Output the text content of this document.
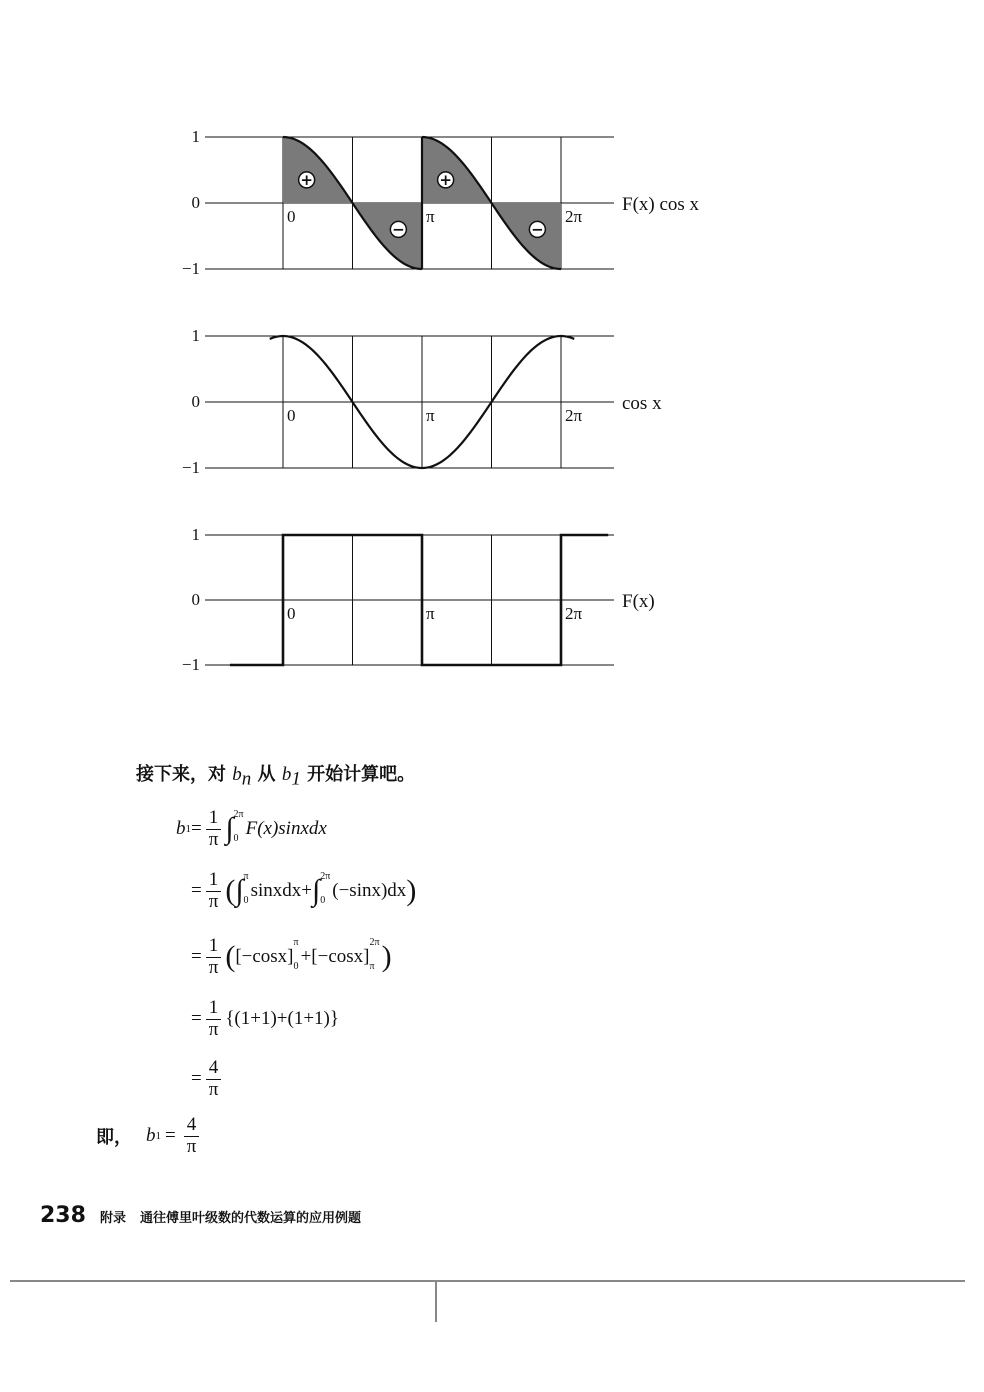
1
0
−1
0	π	2π
F(x) cos x
+
−
+
−
1
0
−1
0	π	2π
cos x
1
0
−1
0	π	2π
F(x)
接下来，对 $b_n$ 从 $b_1$ 开始计算吧。
b $1 = \frac{1}{\pi}$ ∫ 2π
0 F(x)sinxdx
= $\frac{1}{\pi}$ ( ∫ π
0 sinxdx+ ∫ 2π
0 (−sinx)dx )
= $\frac{1}{\pi}$ ( [−cosx]
π
0 + [−cosx]
2π
π )
= $\frac{1}{\pi} \{(1+1)+(1+1)\}$
= $\frac{4}{\pi}$
即， b $1 = \frac{4}{\pi}$
238 附录 通往傅里叶级数的代数运算的应用例题
